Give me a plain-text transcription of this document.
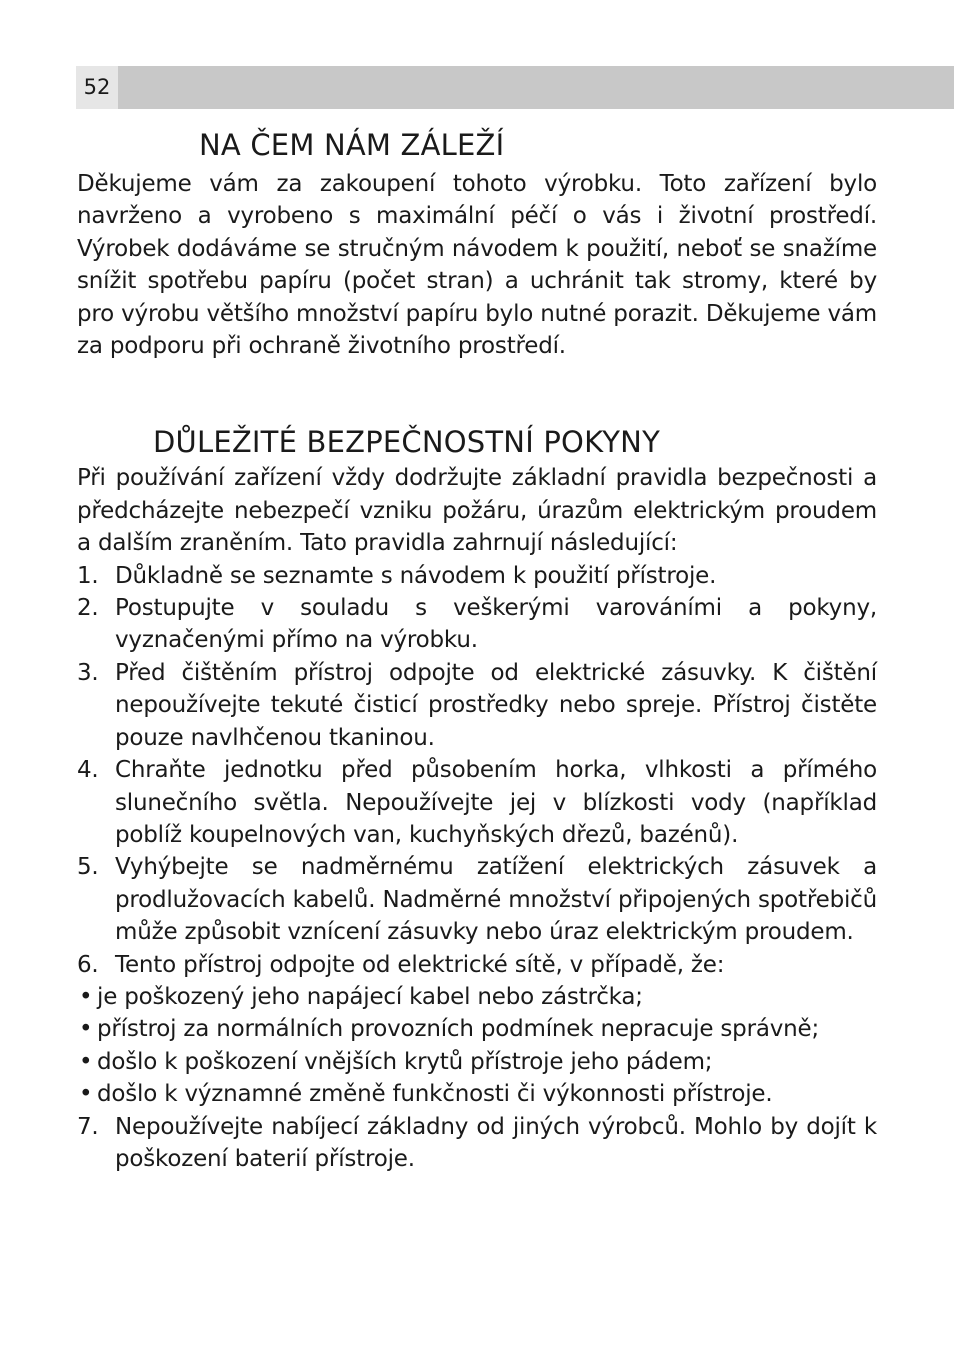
52
NA ČEM NÁM ZÁLEŽÍ

Děkujeme vám za zakoupení tohoto výrobku. Toto zařízení bylo navrženo a vyrobeno s maximální péčí o vás i životní prostředí. Výrobek dodáváme se stručným návodem k použití, neboť se snažíme snížit spotřebu papíru (počet stran) a uchránit tak stromy, které by pro výrobu většího množství papíru bylo nutné porazit. Děkujeme vám za podporu při ochraně životního prostředí.

DŮLEŽITÉ BEZPEČNOSTNÍ POKYNY

Při používání zařízení vždy dodržujte základní pravidla bezpečnosti a předcházejte nebezpečí vzniku požáru, úrazům elektrickým proudem a dalším zraněním. Tato pravidla zahrnují následující:

1. Důkladně se seznamte s návodem k použití přístroje.
2. Postupujte v souladu s veškerými varováními a pokyny, vyznačenými přímo na výrobku.
3. Před čištěním přístroj odpojte od elektrické zásuvky. K čištění nepoužívejte tekuté čisticí prostředky nebo spreje. Přístroj čistěte pouze navlhčenou tkaninou.
4. Chraňte jednotku před působením horka, vlhkosti a přímého slunečního světla. Nepoužívejte jej v blízkosti vody (například poblíž koupelnových van, kuchyňských dřezů, bazénů).
5. Vyhýbejte se nadměrnému zatížení elektrických zásuvek a prodlužovacích kabelů. Nadměrné množství připojených spotřebičů může způsobit vznícení zásuvky nebo úraz elektrickým proudem.
6. Tento přístroj odpojte od elektrické sítě, v případě, že:
• je poškozený jeho napájecí kabel nebo zástrčka;
• přístroj za normálních provozních podmínek nepracuje správně;
• došlo k poškození vnějších krytů přístroje jeho pádem;
• došlo k významné změně funkčnosti či výkonnosti přístroje.
7. Nepoužívejte nabíjecí základny od jiných výrobců. Mohlo by dojít k poškození baterií přístroje.
